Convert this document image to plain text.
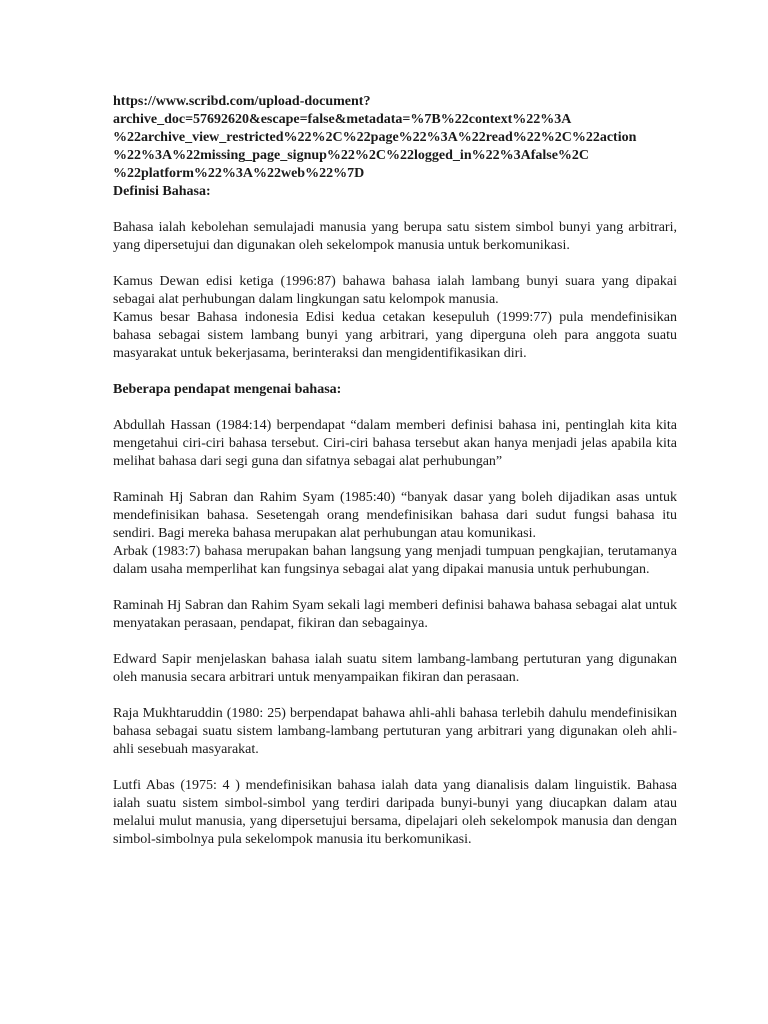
https://www.scribd.com/upload-document?
archive_doc=57692620&escape=false&metadata=%7B%22context%22%3A
%22archive_view_restricted%22%2C%22page%22%3A%22read%22%2C%22action
%22%3A%22missing_page_signup%22%2C%22logged_in%22%3Afalse%2C
%22platform%22%3A%22web%22%7D
Definisi Bahasa:

Bahasa ialah kebolehan semulajadi manusia yang berupa satu sistem simbol bunyi yang arbitrari, yang dipersetujui dan digunakan oleh sekelompok manusia untuk berkomunikasi.

Kamus Dewan edisi ketiga (1996:87) bahawa bahasa ialah lambang bunyi suara yang dipakai sebagai alat perhubungan dalam lingkungan satu kelompok manusia.

Kamus besar Bahasa indonesia Edisi kedua cetakan kesepuluh (1999:77) pula mendefinisikan bahasa sebagai sistem lambang bunyi yang arbitrari, yang diperguna oleh para anggota suatu masyarakat untuk bekerjasama, berinteraksi dan mengidentifikasikan diri.

Beberapa pendapat mengenai bahasa:

Abdullah Hassan (1984:14) berpendapat “dalam memberi definisi bahasa ini, pentinglah kita kita mengetahui ciri-ciri bahasa tersebut. Ciri-ciri bahasa tersebut akan hanya menjadi jelas apabila kita melihat bahasa dari segi guna dan sifatnya sebagai alat perhubungan”

Raminah Hj Sabran dan Rahim Syam (1985:40) “banyak dasar yang boleh dijadikan asas untuk mendefinisikan bahasa. Sesetengah orang mendefinisikan bahasa dari sudut fungsi bahasa itu sendiri. Bagi mereka bahasa merupakan alat perhubungan atau komunikasi.

Arbak (1983:7) bahasa merupakan bahan langsung yang menjadi tumpuan pengkajian, terutamanya dalam usaha memperlihat kan fungsinya sebagai alat yang dipakai manusia untuk perhubungan.

Raminah Hj Sabran dan Rahim Syam sekali lagi memberi definisi bahawa bahasa sebagai alat untuk menyatakan perasaan, pendapat, fikiran dan sebagainya.

Edward Sapir menjelaskan bahasa ialah suatu sitem lambang-lambang pertuturan yang digunakan oleh manusia secara arbitrari untuk menyampaikan fikiran dan perasaan.

Raja Mukhtaruddin (1980: 25) berpendapat bahawa ahli-ahli bahasa terlebih dahulu mendefinisikan bahasa sebagai suatu sistem lambang-lambang pertuturan yang arbitrari yang digunakan oleh ahli-ahli sesebuah masyarakat.

Lutfi Abas (1975: 4 ) mendefinisikan bahasa ialah data yang dianalisis dalam linguistik. Bahasa ialah suatu sistem simbol-simbol yang terdiri daripada bunyi-bunyi yang diucapkan dalam atau melalui mulut manusia, yang dipersetujui bersama, dipelajari oleh sekelompok manusia dan dengan simbol-simbolnya pula sekelompok manusia itu berkomunikasi.
